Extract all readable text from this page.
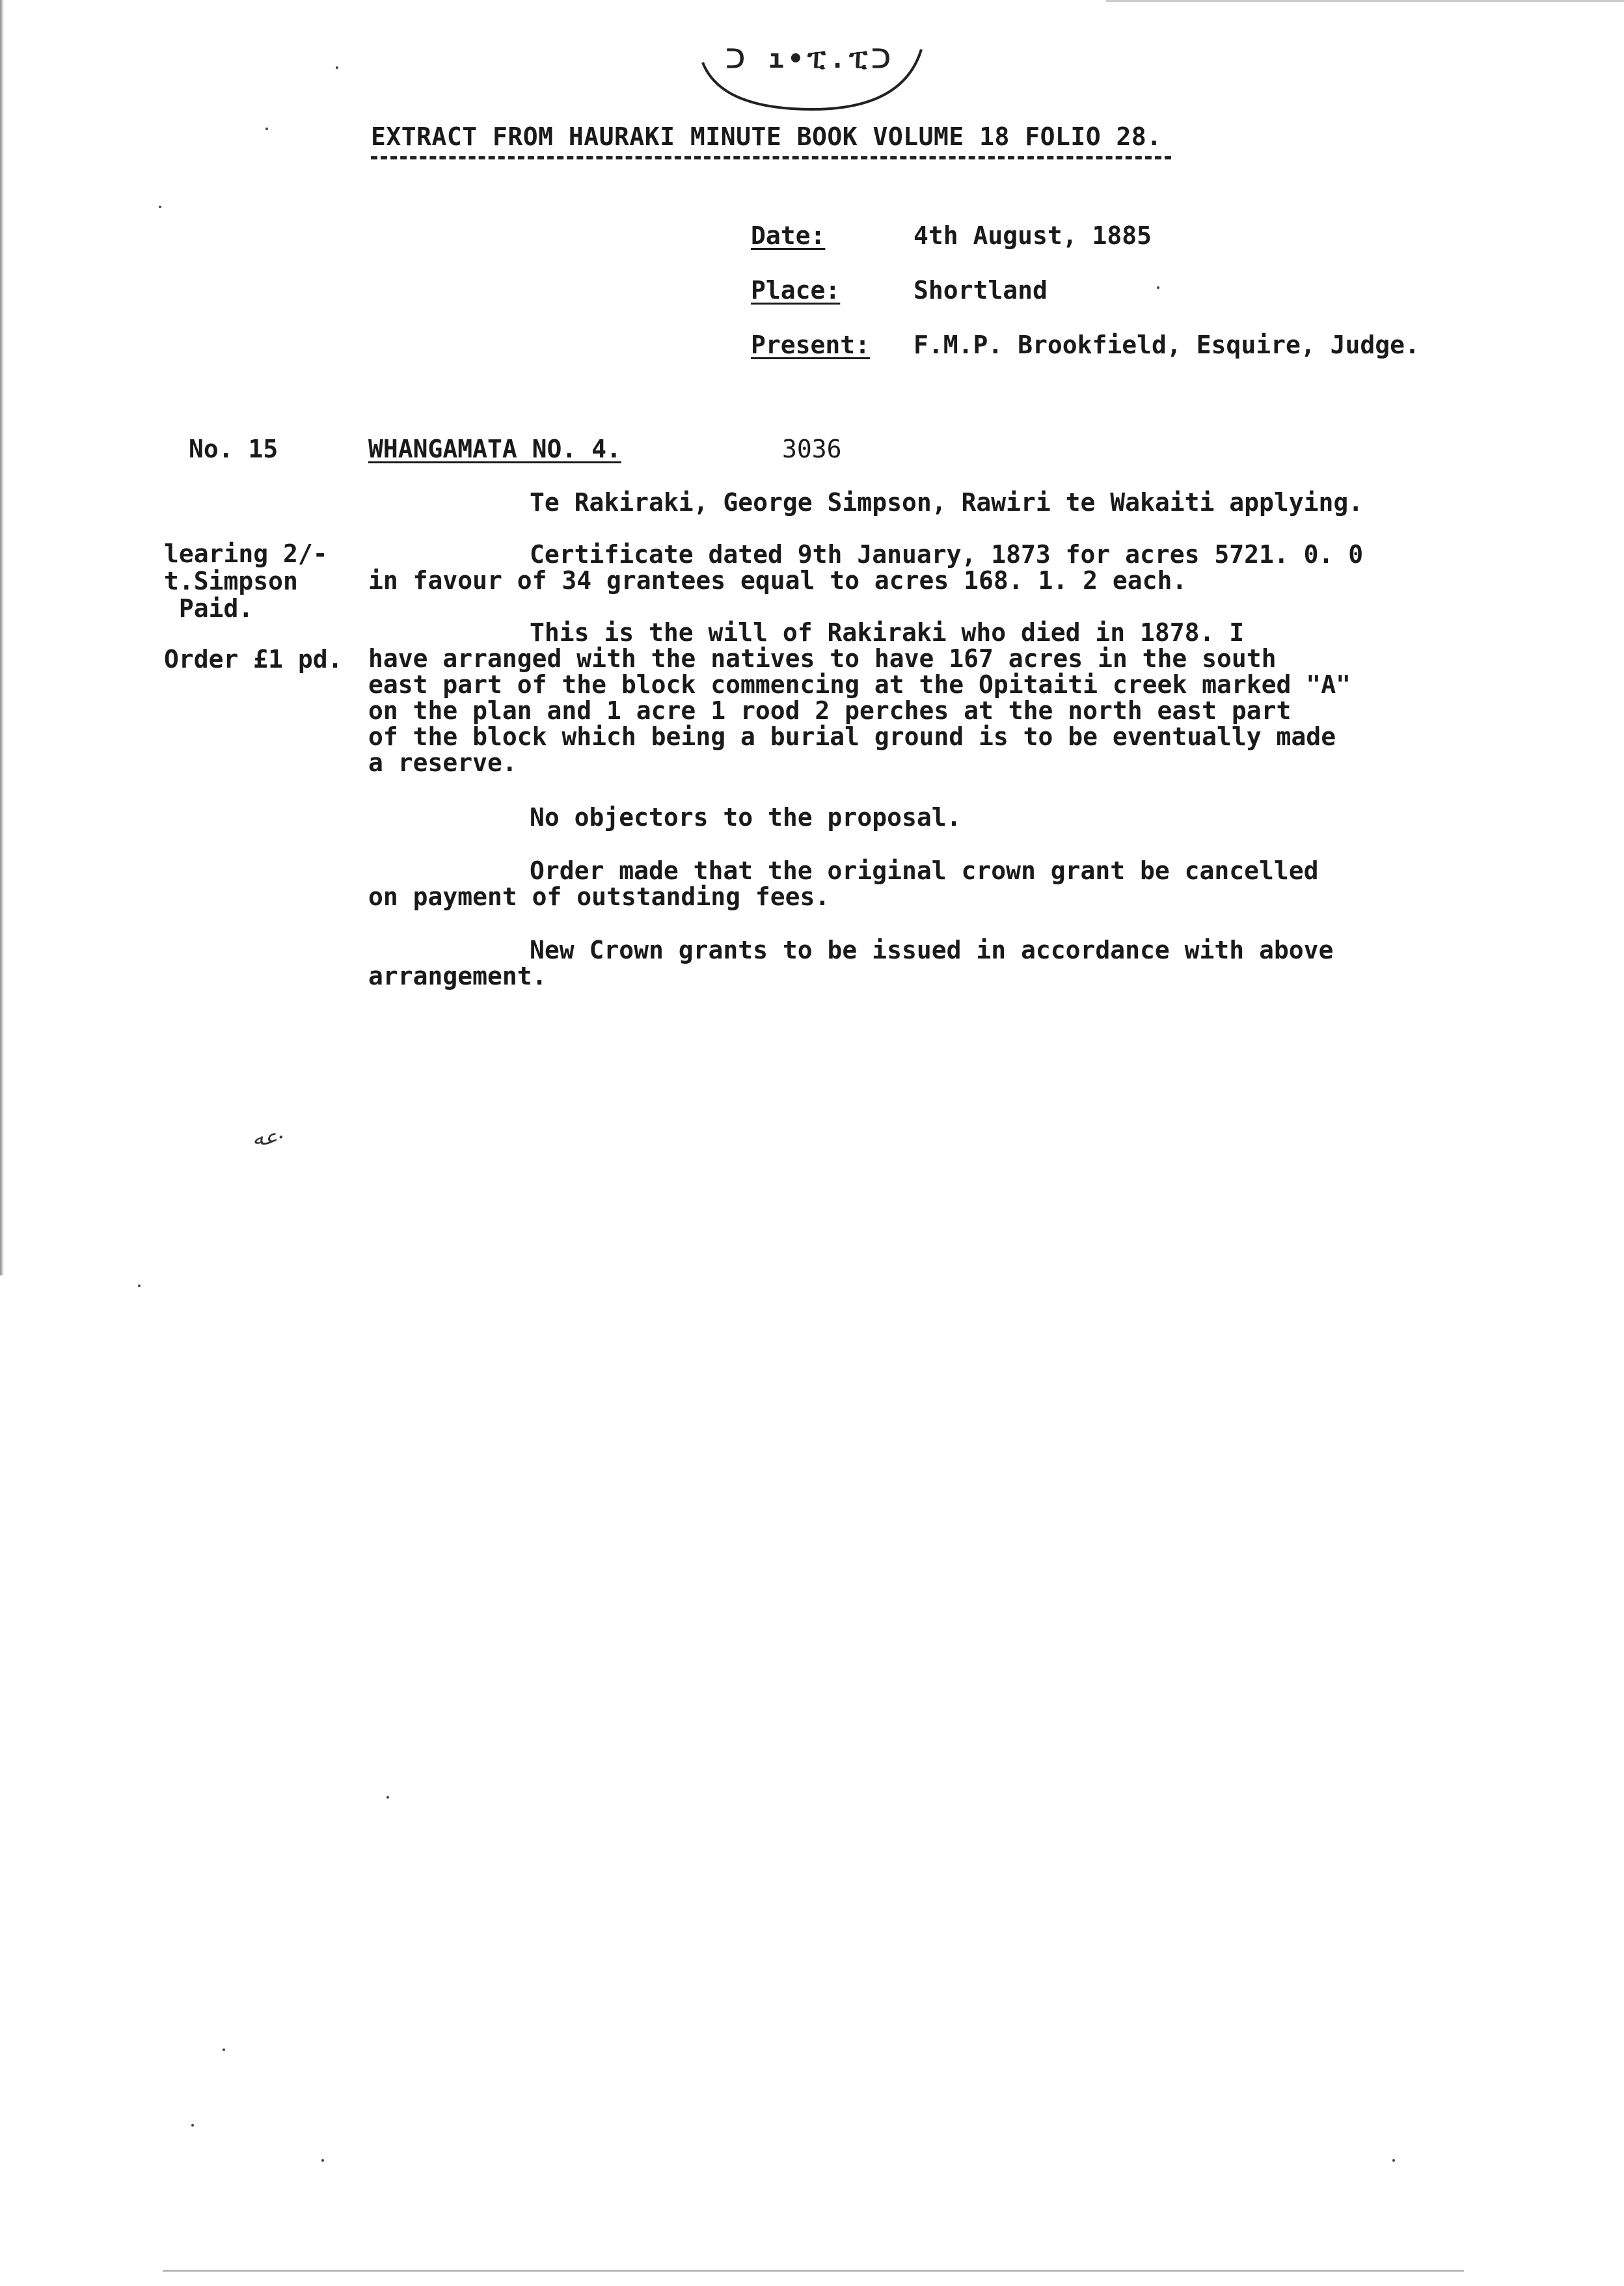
ᑐ ı•ፒ.ፒᑐ
EXTRACT FROM HAURAKI MINUTE BOOK VOLUME 18 FOLIO 28.
Date:	4th August, 1885
Place:	Shortland
Present: F.M.P. Brookfield, Esquire, Judge.
No. 15	WHANGAMATA NO. 4.	3036
learing 2/-
t.Simpson
Paid.
Order £1 pd.
Te Rakiraki, George Simpson, Rawiri te Wakaiti applying.
Certificate dated 9th January, 1873 for acres 5721. 0. 0
in favour of 34 grantees equal to acres 168. 1. 2 each.
This is the will of Rakiraki who died in 1878. I
have arranged with the natives to have 167 acres in the south
east part of the block commencing at the Opitaiti creek marked "A"
on the plan and 1 acre 1 rood 2 perches at the north east part
of the block which being a burial ground is to be eventually made
a reserve.
No objectors to the proposal.
Order made that the original crown grant be cancelled
on payment of outstanding fees.
New Crown grants to be issued in accordance with above
arrangement.
ﻋﻪ·
